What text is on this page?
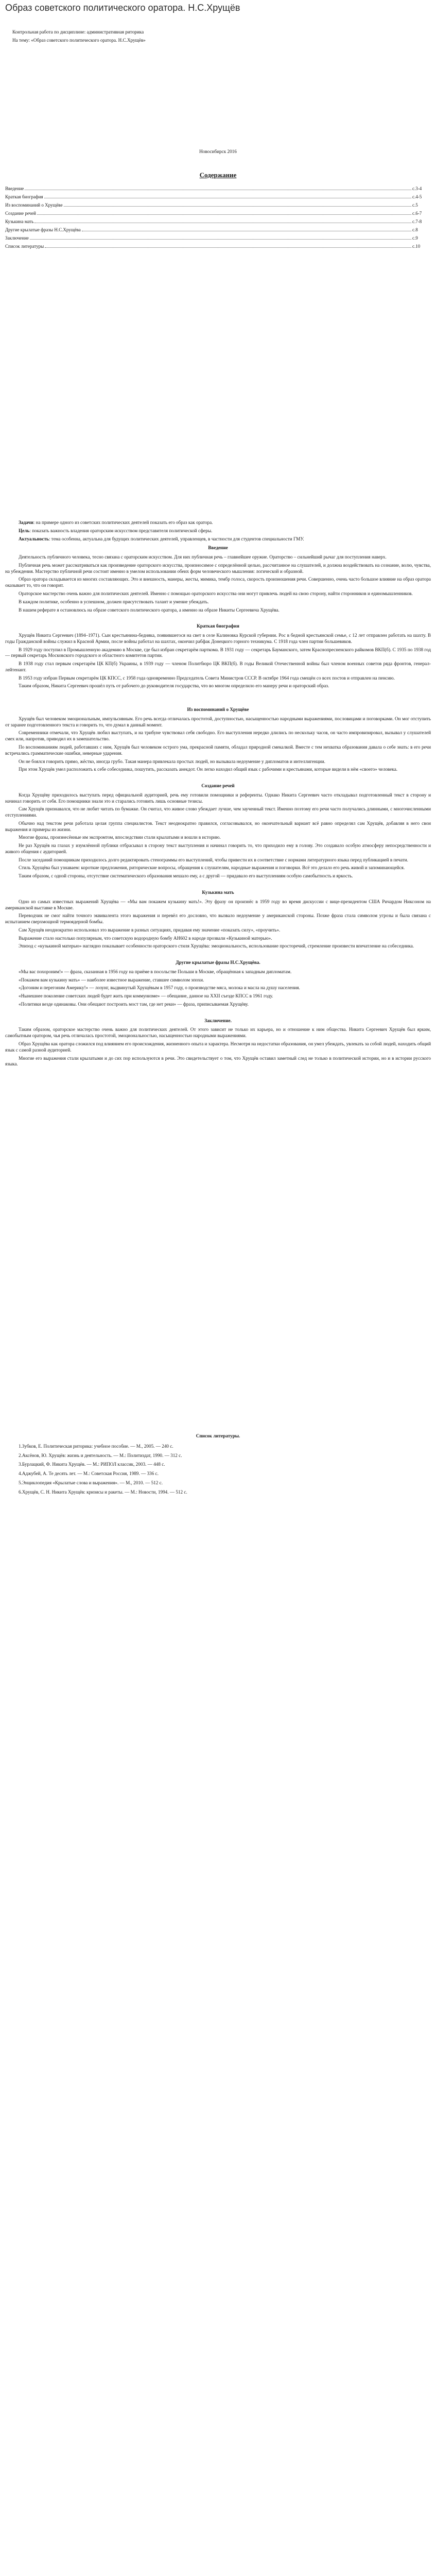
Образ советского политического оратора. Н.С.Хрущёв

Контрольная работа по дисциплине: административная риторика

На тему: «Образ советского политического оратора. Н.С.Хрущёв»

Новосибирск 2016

Содержание
Введение	с.3-4
Краткая биография	с.4-5
Из воспоминаний о Хрущёве	с.5
Создание речей	с.6-7
Кузькина мать	с.7-8
Другие крылатые фразы Н.С.Хрущёва	с.8
Заключение	с.9
Список литературы	с.10

Задачи: на примере одного из советских политических деятелей показать его образ как оратора.

Цель: показать важность владения ораторским искусством представителя политической сферы.

Актуальность: тема особенна, актуальна для будущих политических деятелей, управленцев, в частности для студентов специальности ГМУ.

Введение

Деятельность публичного человека, тесно связана с ораторским искусством. Для них публичная речь – главнейшее оружие. Ораторство – сильнейший рычаг для поступления наверх.

Публичная речь может рассматриваться как произведение ораторского искусства, произносимое с определённой целью, рассчитанное на слушателей, и должна воздействовать на сознание, волю, чувства, на убеждения. Мастерство публичной речи состоит именно в умелом использовании обеих форм человеческого мышления: логической и образной.

Образ оратора складывается из многих составляющих. Это и внешность, манеры, жесты, мимика, тембр голоса, скорость произношения речи. Совершенно, очень часто большое влияние на образ оратора оказывает то, что он говорит.

Ораторское мастерство очень важно для политических деятелей. Именно с помощью ораторского искусства они могут привлечь людей на свою сторону, найти сторонников и единомышленников.

В каждом политике, особенно в успешном, должен присутствовать талант и умение убеждать.

В нашем реферате я остановлюсь на образе советского политического оратора, а именно на образе Никиты Сергеевича Хрущёва.

Краткая биография

Хрущёв Никита Сергеевич (1894–1971). Сын крестьянина-бедняка, появившегося на свет в селе Калиновка Курской губернии. Рос в бедной крестьянской семье, с 12 лет отправлен работать на шахту. В годы Гражданской войны служил в Красной Армии, после войны работал на шахтах, окончил рабфак Донецкого горного техникума. С 1918 года член партии большевиков.

В 1929 году поступил в Промышленную академию в Москве, где был избран секретарём парткома. В 1931 году — секретарь Бауманского, затем Краснопресненского райкомов ВКП(б). С 1935 по 1938 год — первый секретарь Московского городского и областного комитетов партии.

В 1938 году стал первым секретарём ЦК КП(б) Украины, в 1939 году — членом Политбюро ЦК ВКП(б). В годы Великой Отечественной войны был членом военных советов ряда фронтов, генерал-лейтенант.

В 1953 году избран Первым секретарём ЦК КПСС, с 1958 года одновременно Председатель Совета Министров СССР. В октябре 1964 года смещён со всех постов и отправлен на пенсию.

Таким образом, Никита Сергеевич прошёл путь от рабочего до руководителя государства, что во многом определило его манеру речи и ораторский образ.

Из воспоминаний о Хрущёве

Хрущёв был человеком эмоциональным, импульсивным. Его речь всегда отличалась простотой, доступностью, насыщенностью народными выражениями, пословицами и поговорками. Он мог отступить от заранее подготовленного текста и говорить то, что думал в данный момент.

Современники отмечали, что Хрущёв любил выступать, и на трибуне чувствовал себя свободно. Его выступления нередко длились по нескольку часов, он часто импровизировал, вызывал у слушателей смех или, напротив, приводил их в замешательство.

По воспоминаниям людей, работавших с ним, Хрущёв был человеком острого ума, прекрасной памяти, обладал природной смекалкой. Вместе с тем нехватка образования давала о себе знать: в его речи встречались грамматические ошибки, неверные ударения.

Он не боялся говорить прямо, жёстко, иногда грубо. Такая манера привлекала простых людей, но вызывала недоумение у дипломатов и интеллигенции.

При этом Хрущёв умел расположить к себе собеседника, пошутить, рассказать анекдот. Он легко находил общий язык с рабочими и крестьянами, которые видели в нём «своего» человека.

Создание речей

Когда Хрущёву приходилось выступать перед официальной аудиторией, речь ему готовили помощники и референты. Однако Никита Сергеевич часто откладывал подготовленный текст в сторону и начинал говорить от себя. Его помощники знали это и старались готовить лишь основные тезисы.

Сам Хрущёв признавался, что не любит читать по бумажке. Он считал, что живое слово убеждает лучше, чем заученный текст. Именно поэтому его речи часто получались длинными, с многочисленными отступлениями.

Обычно над текстом речи работала целая группа специалистов. Текст неоднократно правился, согласовывался, но окончательный вариант всё равно определял сам Хрущёв, добавляя в него свои выражения и примеры из жизни.

Многие фразы, произнесённые им экспромтом, впоследствии стали крылатыми и вошли в историю.

Не раз Хрущёв на глазах у изумлённой публики отбрасывал в сторону текст выступления и начинал говорить то, что приходило ему в голову. Это создавало особую атмосферу непосредственности и живого общения с аудиторией.

После заседаний помощникам приходилось долго редактировать стенограммы его выступлений, чтобы привести их в соответствие с нормами литературного языка перед публикацией в печати.

Стиль Хрущёва был узнаваем: короткие предложения, риторические вопросы, обращения к слушателям, народные выражения и поговорки. Всё это делало его речь живой и запоминающейся.

Таким образом, с одной стороны, отсутствие систематического образования мешало ему, а с другой — придавало его выступлениям особую самобытность и яркость.

Кузькина мать

Одно из самых известных выражений Хрущёва — «Мы вам покажем кузькину мать!». Эту фразу он произнёс в 1959 году во время дискуссии с вице-президентом США Ричардом Никсоном на американской выставке в Москве.

Переводчик не смог найти точного эквивалента этого выражения и перевёл его дословно, что вызвало недоумение у американской стороны. Позже фраза стала символом угрозы и была связана с испытанием сверхмощной термоядерной бомбы.

Сам Хрущёв неоднократно использовал это выражение в разных ситуациях, придавая ему значение «показать силу», «проучить».

Выражение стало настолько популярным, что советскую водородную бомбу АН602 в народе прозвали «Кузькиной матерью».

Эпизод с «кузькиной матерью» наглядно показывает особенности ораторского стиля Хрущёва: эмоциональность, использование просторечий, стремление произвести впечатление на собеседника.

Другие крылатые фразы Н.С.Хрущёва.

«Мы вас похороним!» — фраза, сказанная в 1956 году на приёме в посольстве Польши в Москве, обращённая к западным дипломатам.

«Покажем вам кузькину мать» — наиболее известное выражение, ставшее символом эпохи.

«Догоним и перегоним Америку!» — лозунг, выдвинутый Хрущёвым в 1957 году, о производстве мяса, молока и масла на душу населения.

«Нынешнее поколение советских людей будет жить при коммунизме» — обещание, данное на XXII съезде КПСС в 1961 году.

«Политики везде одинаковы. Они обещают построить мост там, где нет реки» — фраза, приписываемая Хрущёву.

Заключение.

Таким образом, ораторское мастерство очень важно для политических деятелей. От этого зависит не только их карьера, но и отношение к ним общества. Никита Сергеевич Хрущёв был ярким, самобытным оратором, чья речь отличалась простотой, эмоциональностью, насыщенностью народными выражениями.

Образ Хрущёва как оратора сложился под влиянием его происхождения, жизненного опыта и характера. Несмотря на недостатки образования, он умел убеждать, увлекать за собой людей, находить общий язык с самой разной аудиторией.

Многие его выражения стали крылатыми и до сих пор используются в речи. Это свидетельствует о том, что Хрущёв оставил заметный след не только в политической истории, но и в истории русского языка.

Список литературы.

1.Зубков, Е. Политическая риторика: учебное пособие. — М., 2005. — 240 с.

2.Аксёнов, Ю. Хрущёв: жизнь и деятельность. — М.: Политиздат, 1990. — 312 с.

3.Бурлацкий, Ф. Никита Хрущёв. — М.: РИПОЛ классик, 2003. — 448 с.

4.Аджубей, А. Те десять лет. — М.: Советская Россия, 1989. — 336 с.

5.Энциклопедия «Крылатые слова и выражения». — М., 2010. — 512 с.

6.Хрущёв, С. Н. Никита Хрущёв: кризисы и ракеты. — М.: Новости, 1994. — 512 с.
